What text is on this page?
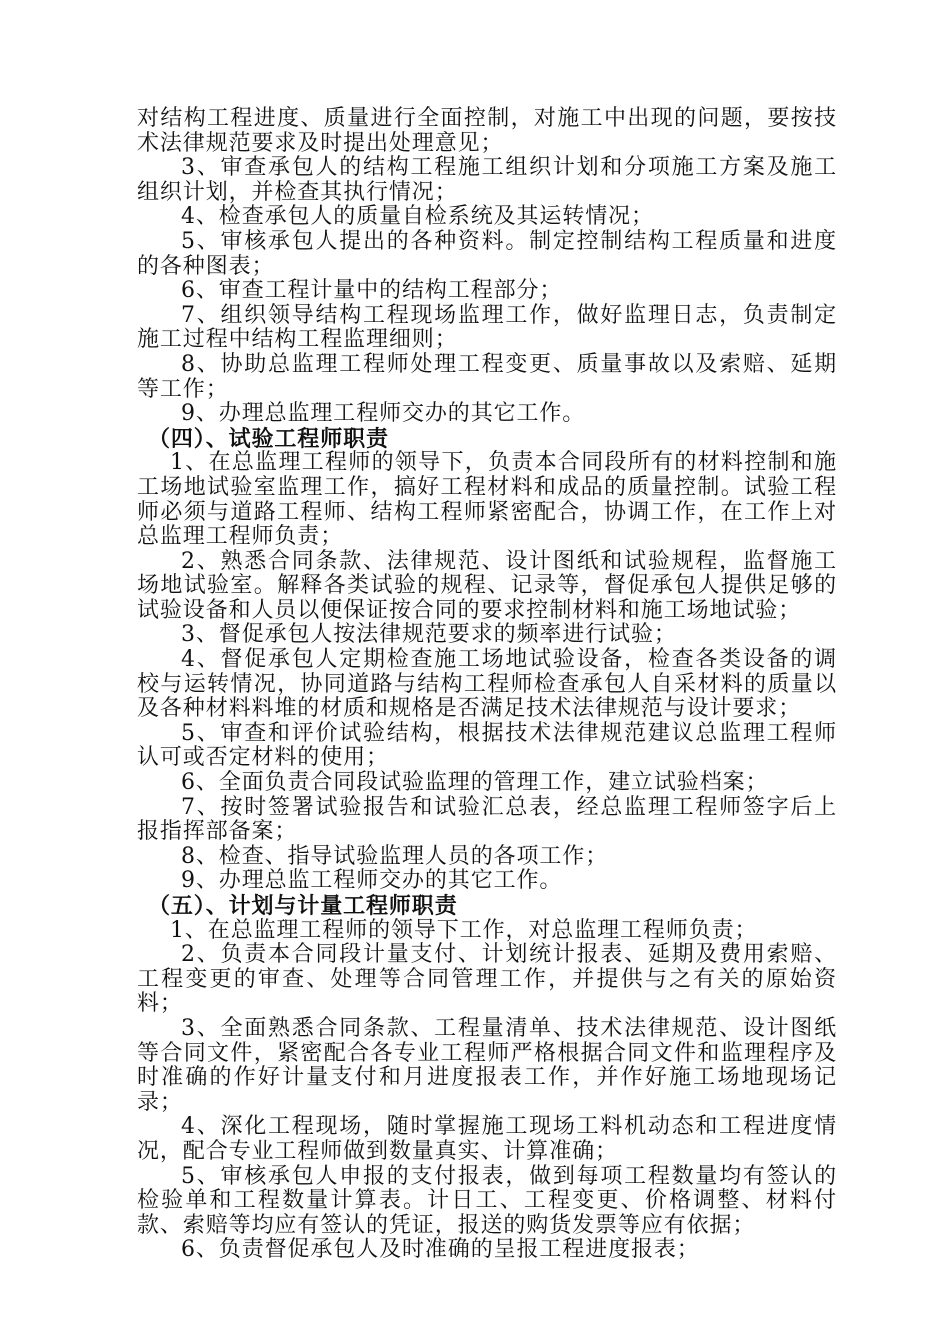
对结构工程进度、质量进行全面控制，对施工中出现的问题，要按技术法律规范要求及时提出处理意见；

3、审查承包人的结构工程施工组织计划和分项施工方案及施工组织计划，并检查其执行情况；

4、检查承包人的质量自检系统及其运转情况；

5、审核承包人提出的各种资料。制定控制结构工程质量和进度的各种图表；

6、审查工程计量中的结构工程部分；

7、组织领导结构工程现场监理工作，做好监理日志，负责制定施工过程中结构工程监理细则；

8、协助总监理工程师处理工程变更、质量事故以及索赔、延期等工作；

9、办理总监理工程师交办的其它工作。

（四）、试验工程师职责

1、在总监理工程师的领导下，负责本合同段所有的材料控制和施工场地试验室监理工作，搞好工程材料和成品的质量控制。试验工程师必须与道路工程师、结构工程师紧密配合，协调工作，在工作上对总监理工程师负责；

2、熟悉合同条款、法律规范、设计图纸和试验规程，监督施工场地试验室。解释各类试验的规程、记录等，督促承包人提供足够的试验设备和人员以便保证按合同的要求控制材料和施工场地试验；

3、督促承包人按法律规范要求的频率进行试验；

4、督促承包人定期检查施工场地试验设备，检查各类设备的调校与运转情况，协同道路与结构工程师检查承包人自采材料的质量以及各种材料料堆的材质和规格是否满足技术法律规范与设计要求；

5、审查和评价试验结构，根据技术法律规范建议总监理工程师认可或否定材料的使用；

6、全面负责合同段试验监理的管理工作，建立试验档案；

7、按时签署试验报告和试验汇总表，经总监理工程师签字后上报指挥部备案；

8、检查、指导试验监理人员的各项工作；

9、办理总监工程师交办的其它工作。

（五）、计划与计量工程师职责

1、在总监理工程师的领导下工作，对总监理工程师负责；

2、负责本合同段计量支付、计划统计报表、延期及费用索赔、工程变更的审查、处理等合同管理工作，并提供与之有关的原始资料；

3、全面熟悉合同条款、工程量清单、技术法律规范、设计图纸等合同文件，紧密配合各专业工程师严格根据合同文件和监理程序及时准确的作好计量支付和月进度报表工作，并作好施工场地现场记录；

4、深化工程现场，随时掌握施工现场工料机动态和工程进度情况，配合专业工程师做到数量真实、计算准确；

5、审核承包人申报的支付报表，做到每项工程数量均有签认的检验单和工程数量计算表。计日工、工程变更、价格调整、材料付款、索赔等均应有签认的凭证，报送的购货发票等应有依据；

6、负责督促承包人及时准确的呈报工程进度报表；
